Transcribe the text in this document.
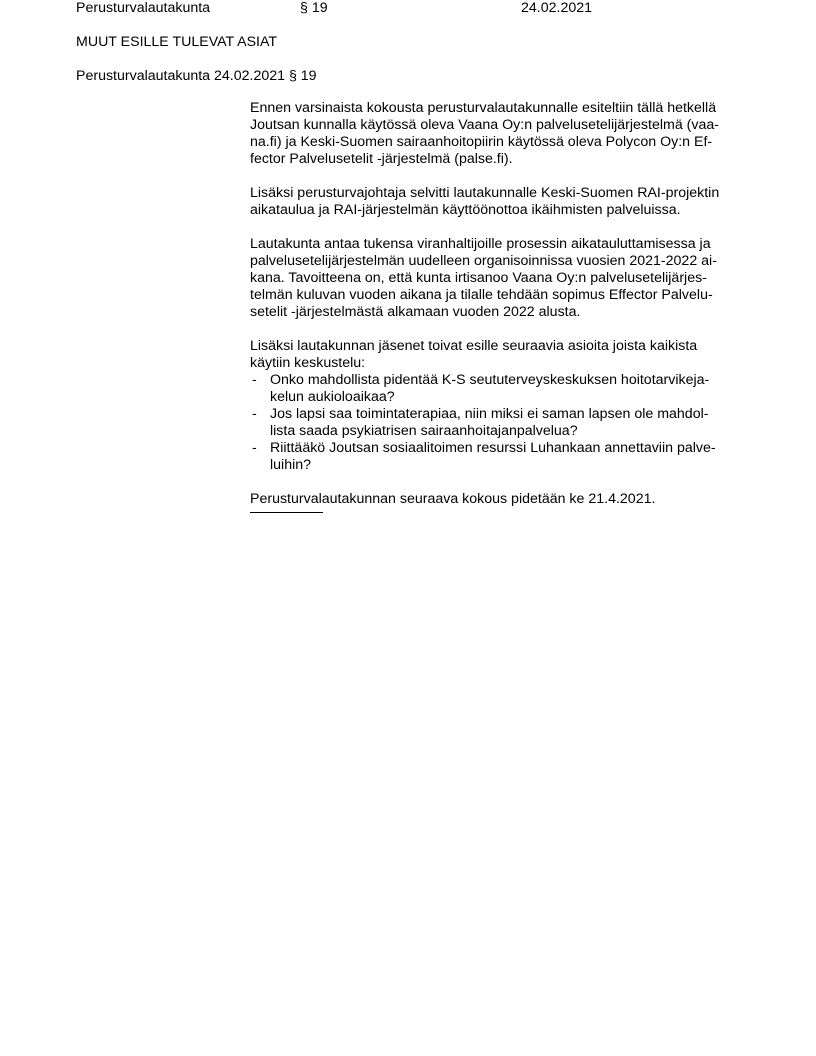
Perusturvalautakunta	§ 19	24.02.2021
MUUT ESILLE TULEVAT ASIAT
Perusturvalautakunta 24.02.2021 § 19

Ennen varsinaista kokousta perusturvalautakunnalle esiteltiin tällä hetkellä
Joutsan kunnalla käytössä oleva Vaana Oy:n palvelusetelijärjestelmä (vaa-
na.fi) ja Keski-Suomen sairaanhoitopiirin käytössä oleva Polycon Oy:n Ef-
fector Palvelusetelit -järjestelmä (palse.fi).

Lisäksi perusturvajohtaja selvitti lautakunnalle Keski-Suomen RAI-projektin
aikataulua ja RAI-järjestelmän käyttöönottoa ikäihmisten palveluissa.

Lautakunta antaa tukensa viranhaltijoille prosessin aikatauluttamisessa ja
palvelusetelijärjestelmän uudelleen organisoinnissa vuosien 2021-2022 ai-
kana. Tavoitteena on, että kunta irtisanoo Vaana Oy:n palvelusetelijärjes-
telmän kuluvan vuoden aikana ja tilalle tehdään sopimus Effector Palvelu-
setelit -järjestelmästä alkamaan vuoden 2022 alusta.

Lisäksi lautakunnan jäsenet toivat esille seuraavia asioita joista kaikista
käytiin keskustelu:

- Onko mahdollista pidentää K-S seututerveyskeskuksen hoitotarvikeja-
kelun aukioloaikaa?
- Jos lapsi saa toimintaterapiaa, niin miksi ei saman lapsen ole mahdol-
lista saada psykiatrisen sairaanhoitajanpalvelua?
- Riittääkö Joutsan sosiaalitoimen resurssi Luhankaan annettaviin palve-
luihin?

Perusturvalautakunnan seuraava kokous pidetään ke 21.4.2021.
